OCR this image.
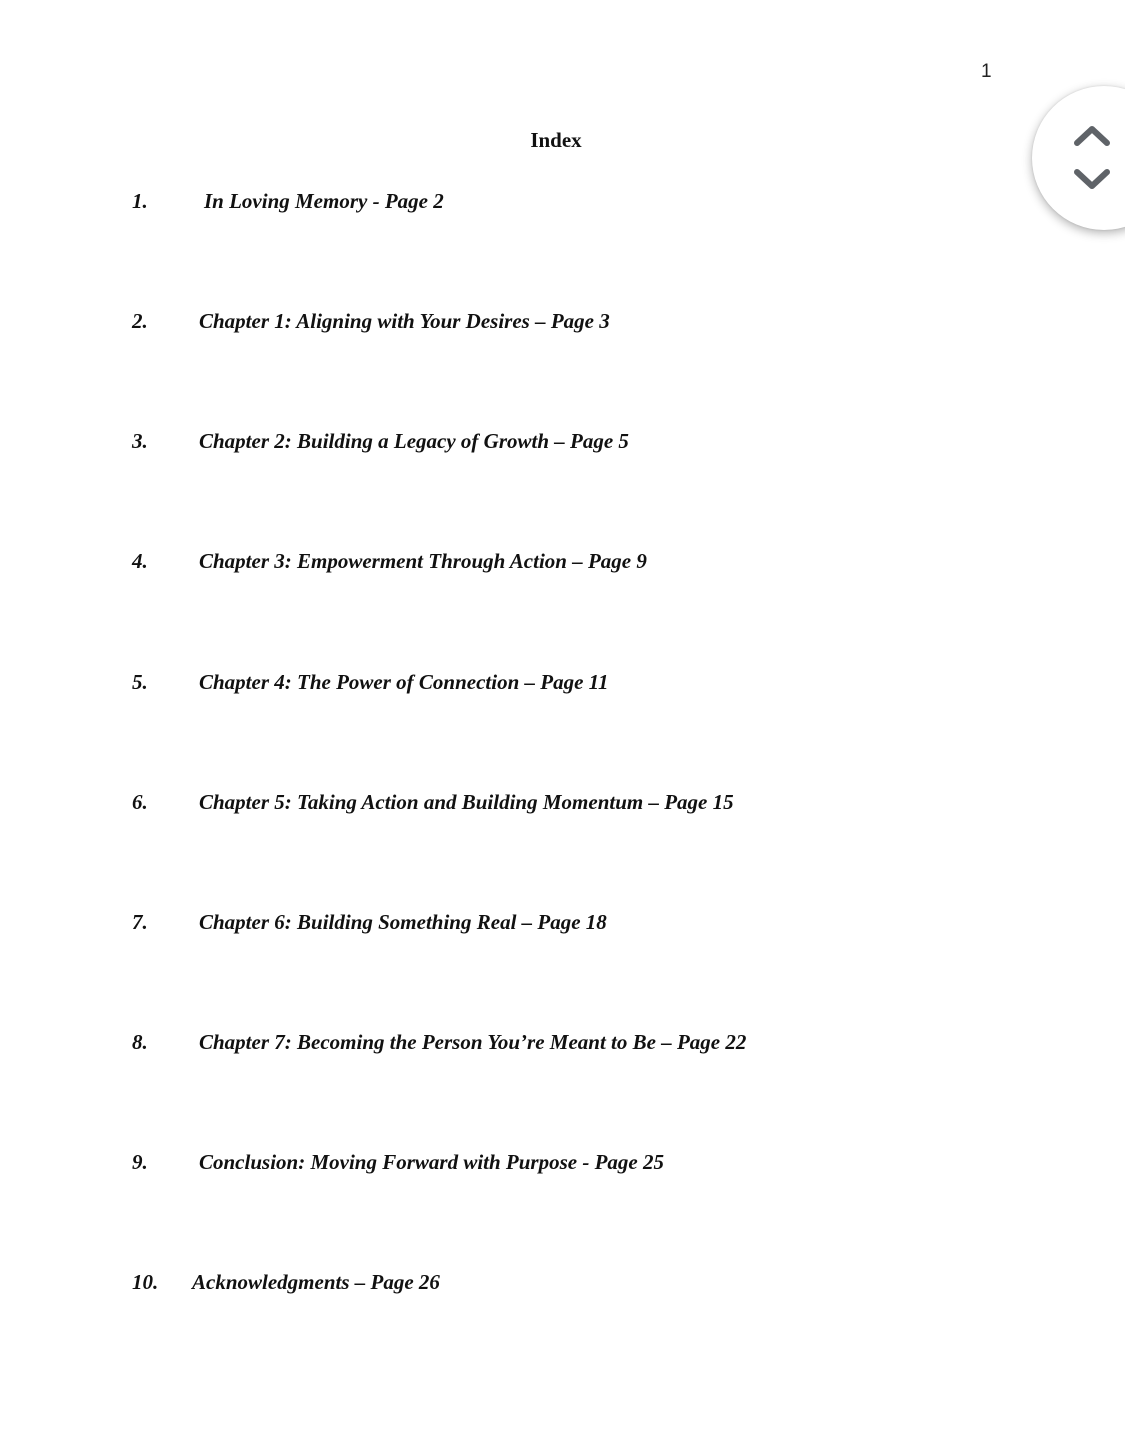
1
Index
1.	In Loving Memory - Page 2
2. Chapter 1: Aligning with Your Desires – Page 3
3. Chapter 2: Building a Legacy of Growth – Page 5
4. Chapter 3: Empowerment Through Action – Page 9
5. Chapter 4: The Power of Connection – Page 11
6. Chapter 5: Taking Action and Building Momentum – Page 15
7. Chapter 6: Building Something Real – Page 18
8. Chapter 7: Becoming the Person You’re Meant to Be – Page 22
9. Conclusion: Moving Forward with Purpose - Page 25
10. Acknowledgments – Page 26
